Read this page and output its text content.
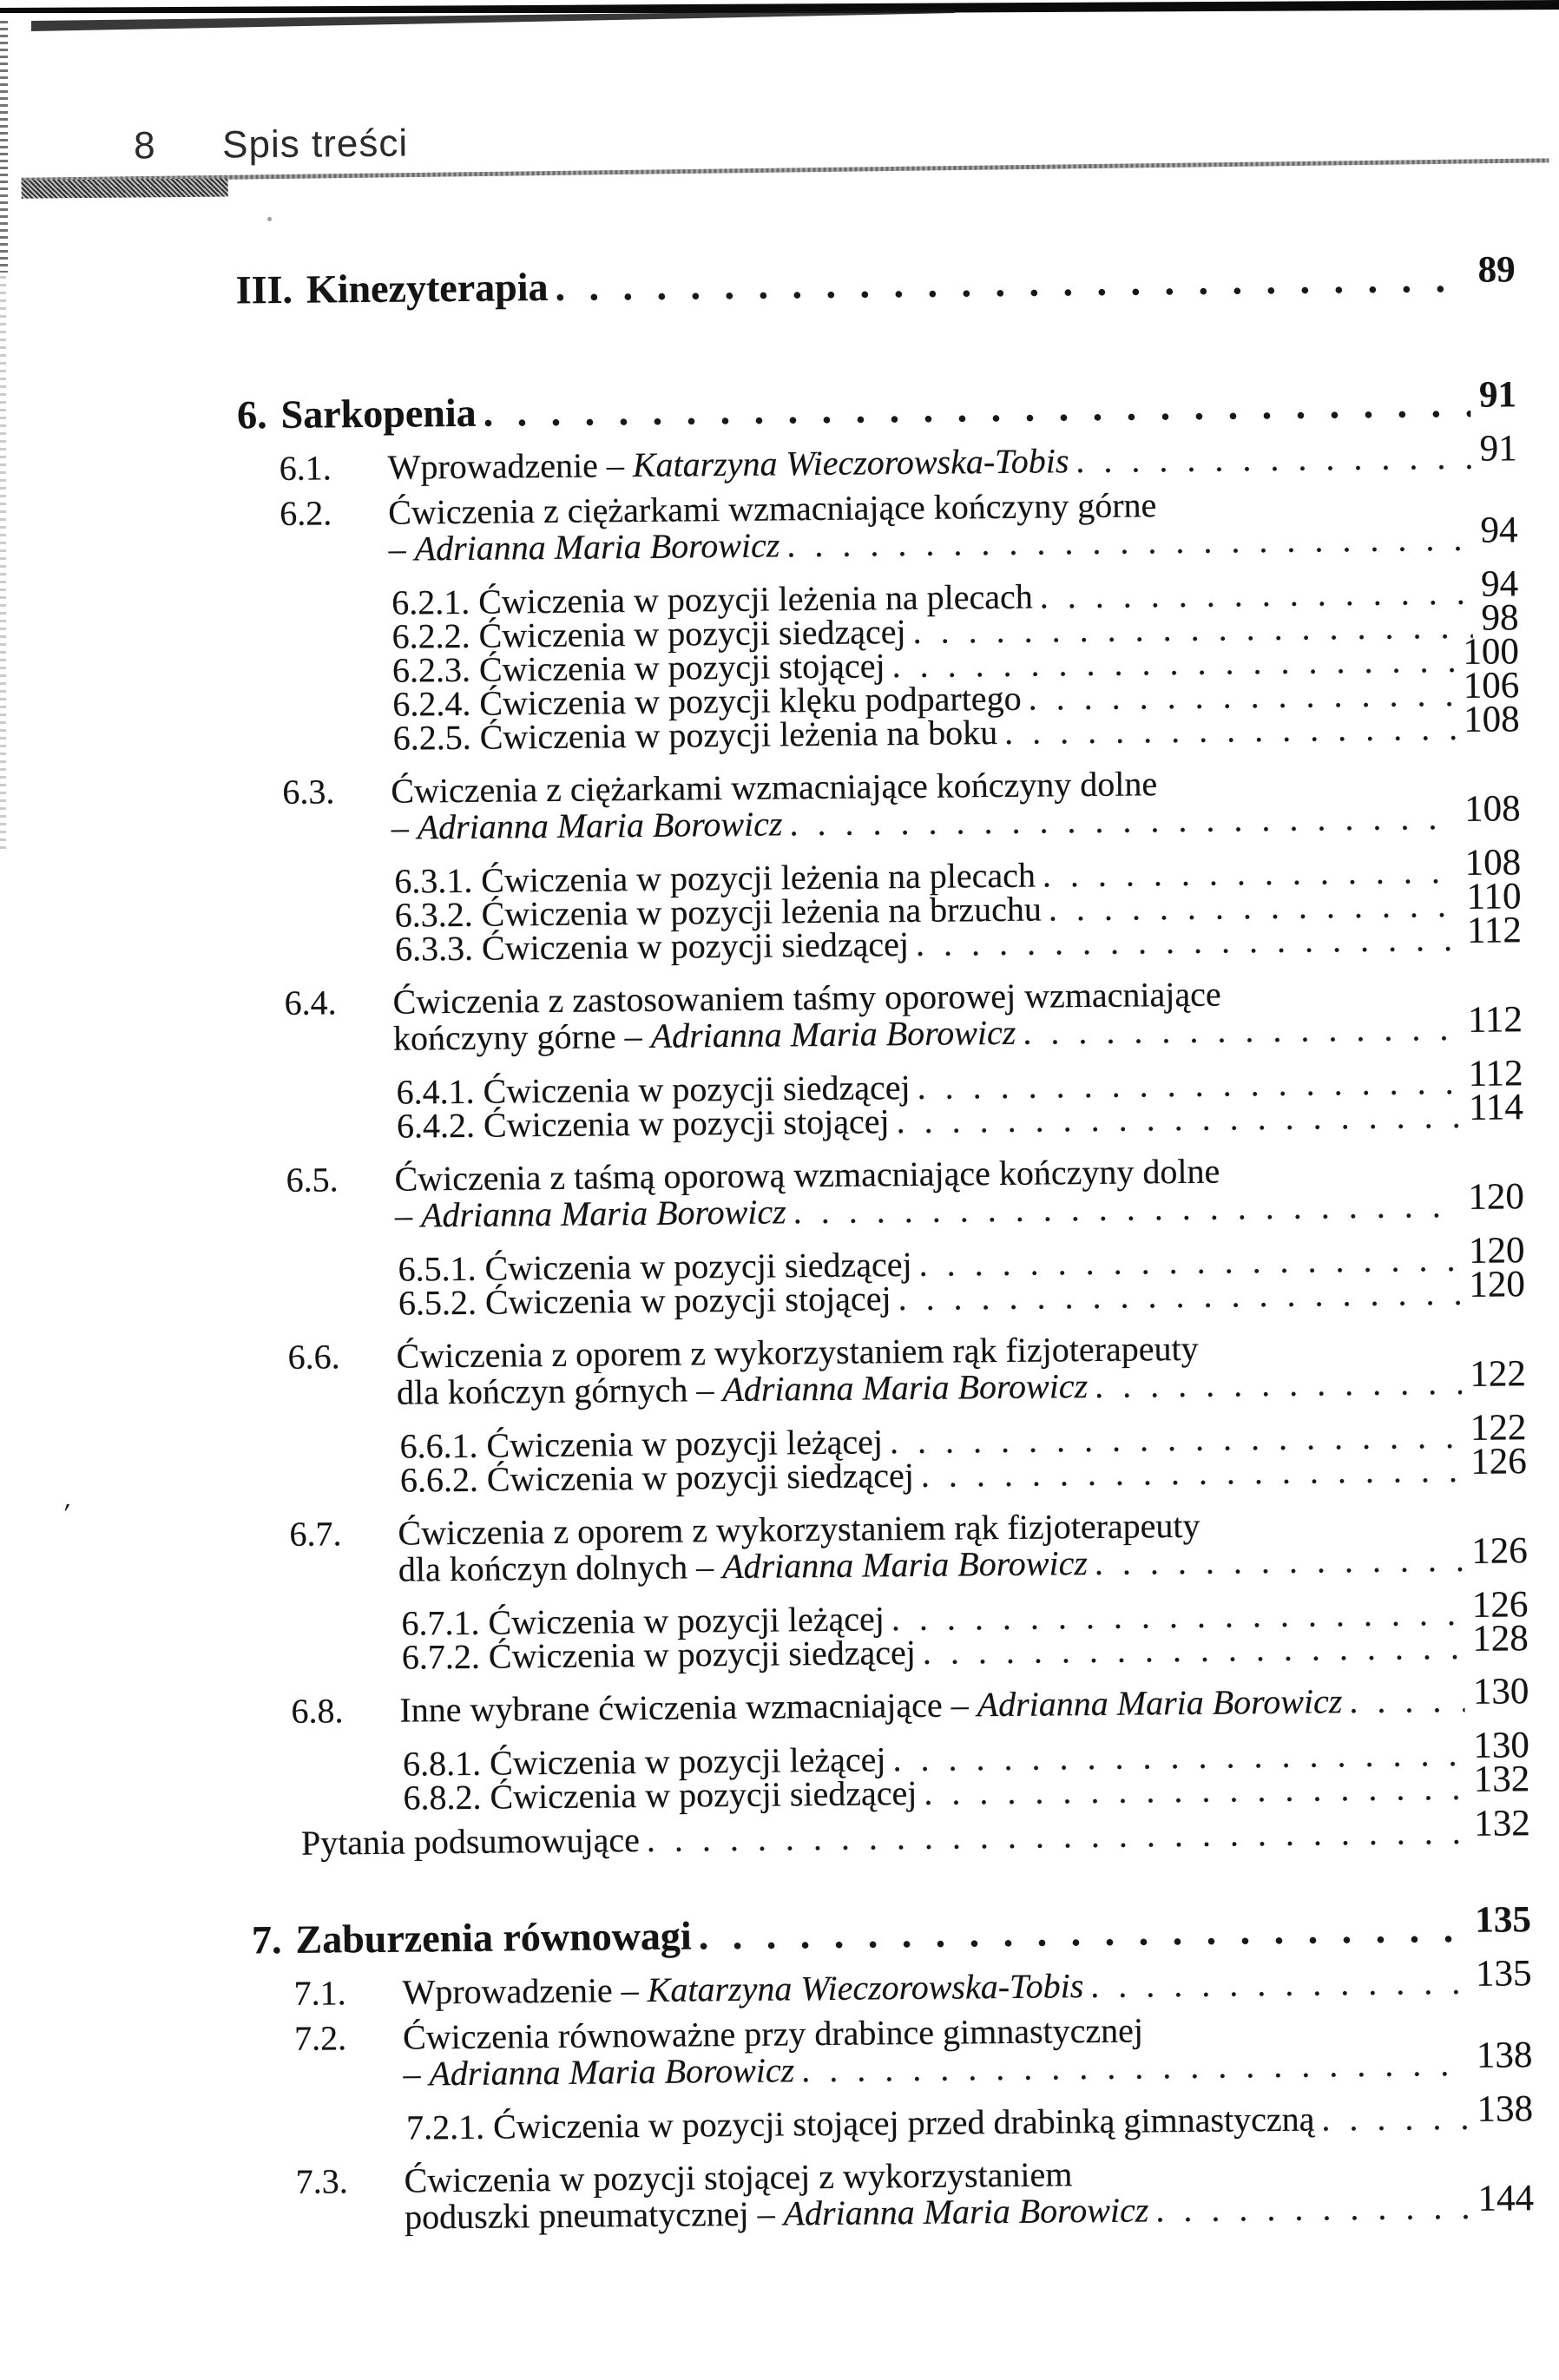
ʹ
8 Spis treści
III. Kinezyterapia . . .	89
6. Sarkopenia . . .	91
6.1.	Wprowadzenie – Katarzyna Wieczorowska-Tobis . . .	91
6.2.	Ćwiczenia z ciężarkami wzmacniające kończyny górne
– Adrianna Maria Borowicz . . .	94
6.2.1. Ćwiczenia w pozycji leżenia na plecach . . .	94
6.2.2. Ćwiczenia w pozycji siedzącej . . .	98
6.2.3. Ćwiczenia w pozycji stojącej . . .	100
6.2.4. Ćwiczenia w pozycji klęku podpartego . . .	106
6.2.5. Ćwiczenia w pozycji leżenia na boku . . .	108
6.3.	Ćwiczenia z ciężarkami wzmacniające kończyny dolne
– Adrianna Maria Borowicz . . .	108
6.3.1. Ćwiczenia w pozycji leżenia na plecach . . .	108
6.3.2. Ćwiczenia w pozycji leżenia na brzuchu . . .	110
6.3.3. Ćwiczenia w pozycji siedzącej . . .	112
6.4.	Ćwiczenia z zastosowaniem taśmy oporowej wzmacniające
kończyny górne – Adrianna Maria Borowicz . . .	112
6.4.1. Ćwiczenia w pozycji siedzącej . . .	112
6.4.2. Ćwiczenia w pozycji stojącej . . .	114
6.5.	Ćwiczenia z taśmą oporową wzmacniające kończyny dolne
– Adrianna Maria Borowicz . . .	120
6.5.1. Ćwiczenia w pozycji siedzącej . . .	120
6.5.2. Ćwiczenia w pozycji stojącej . . .	120
6.6.	Ćwiczenia z oporem z wykorzystaniem rąk fizjoterapeuty
dla kończyn górnych – Adrianna Maria Borowicz . . .	122
6.6.1. Ćwiczenia w pozycji leżącej . . .	122
6.6.2. Ćwiczenia w pozycji siedzącej . . .	126
6.7.	Ćwiczenia z oporem z wykorzystaniem rąk fizjoterapeuty
dla kończyn dolnych – Adrianna Maria Borowicz . . .	126
6.7.1. Ćwiczenia w pozycji leżącej . . .	126
6.7.2. Ćwiczenia w pozycji siedzącej . . .	128
6.8.	Inne wybrane ćwiczenia wzmacniające – Adrianna Maria Borowicz . . .	130
6.8.1. Ćwiczenia w pozycji leżącej . . .	130
6.8.2. Ćwiczenia w pozycji siedzącej . . .	132
Pytania podsumowujące . . .	132
7. Zaburzenia równowagi . . .	135
7.1.	Wprowadzenie – Katarzyna Wieczorowska-Tobis . . .	135
7.2.	Ćwiczenia równoważne przy drabince gimnastycznej
– Adrianna Maria Borowicz . . .	138
7.2.1. Ćwiczenia w pozycji stojącej przed drabinką gimnastyczną . . .	138
7.3.	Ćwiczenia w pozycji stojącej z wykorzystaniem
poduszki pneumatycznej – Adrianna Maria Borowicz . . .	144
